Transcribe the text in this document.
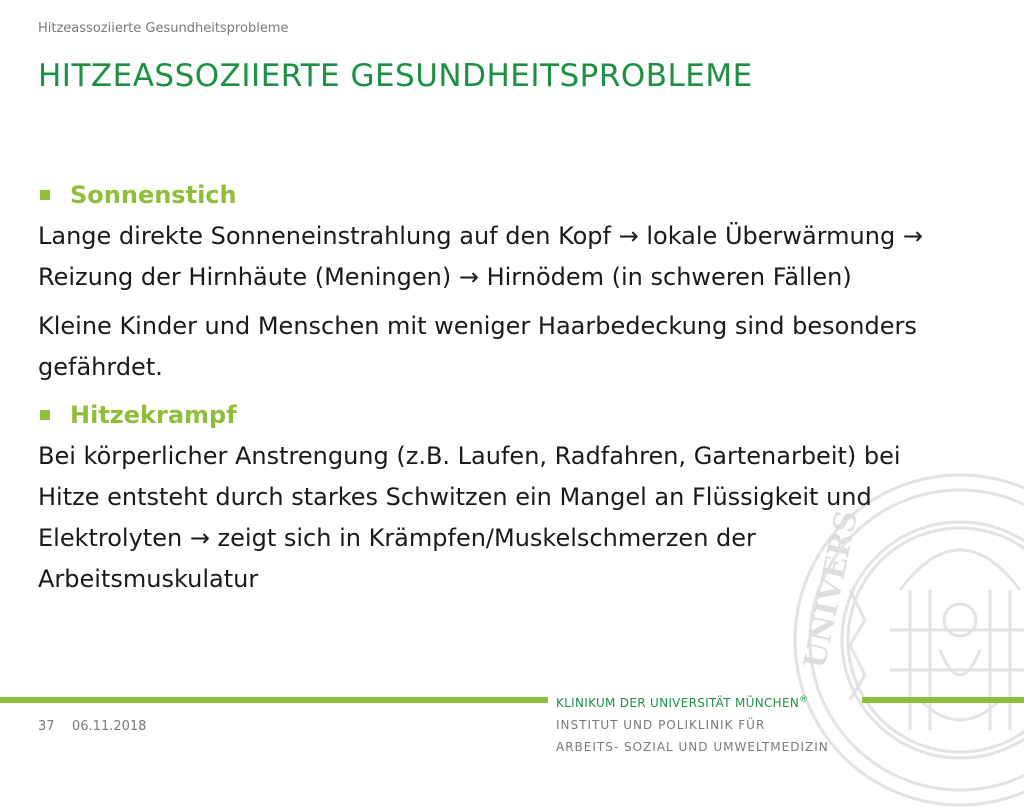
UNIVERS
Hitzeassoziierte Gesundheitsprobleme
HITZEASSOZIIERTE GESUNDHEITSPROBLEME
Sonnenstich

Lange direkte Sonneneinstrahlung auf den Kopf → lokale Überwärmung → Reizung der Hirnhäute (Meningen) → Hirnödem (in schweren Fällen)

Kleine Kinder und Menschen mit weniger Haarbedeckung sind besonders gefährdet.

Hitzekrampf

Bei körperlicher Anstrengung (z.B. Laufen, Radfahren, Gartenarbeit) bei Hitze entsteht durch starkes Schwitzen ein Mangel an Flüssigkeit und Elektrolyten → zeigt sich in Krämpfen/Muskelschmerzen der Arbeitsmuskulatur

KLINIKUM DER UNIVERSITÄT MÜNCHEN®
INSTITUT UND POLIKLINIK FÜR
ARBEITS- SOZIAL UND UMWELTMEDIZIN
37 06.11.2018
